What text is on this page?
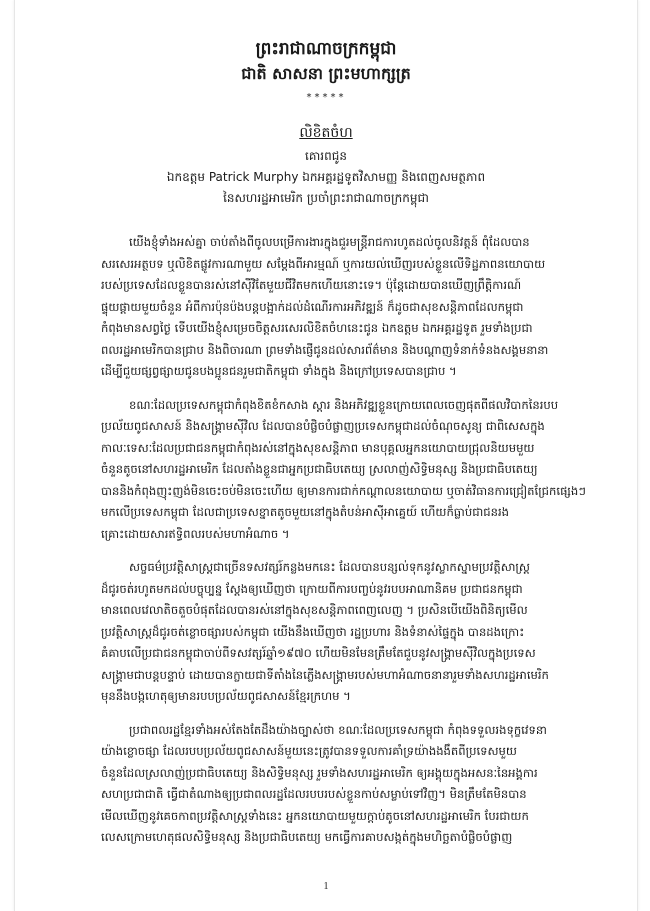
ព្រះរាជាណាចក្រកម្ពុជា
ជាតិ សាសនា ព្រះមហាក្សត្រ
*****
លិខិតចំហ
គោរពជូន
ឯកឧត្តម Patrick Murphy ឯកអគ្គរដ្ឋទូតវិសាមញ្ញ និងពេញសមត្ថភាព
នៃសហរដ្ឋអាមេរិក ប្រចាំព្រះរាជាណាចក្រកម្ពុជា

យើងខ្ញុំទាំងអស់គ្នា ចាប់តាំងពីចូលបម្រើការងារក្នុងជួរមន្ត្រីរាជការហូតដល់ចូលនិវត្តន៍ ពុំដែលបាន
សរសេរអត្ថបទ ឬលិខិតផ្លូវការណាមួយ សម្ដែងពីអារម្មណ៍ ឬការយល់ឃើញរបស់ខ្លួនលើទិដ្ឋភាពនយោបាយ
របស់ប្រទេសដែលខ្លួនបានរស់នៅស៊ីវិតែមួយជីវិតមកហើយនោះទេ។ ប៉ុន្តែដោយបានឃើញព្រឹត្តិការណ៍
ផ្ទុយផ្តាយមួយចំនួន អំពីការប៉ុនប៉ងបន្តបង្អាក់ដល់ដំណើរការអភិវឌ្ឍន៍ ក៏ដូចជាសុខសន្តិភាពដែលកម្ពុជា
កំពុងមានសព្វថ្ងៃ ទើបយើងខ្ញុំសម្រេចចិត្តសរសេរលិខិតចំហនេះជូន ឯកឧត្តម ឯកអគ្គរដ្ឋទូត រួមទាំងប្រជា
ពលរដ្ឋអាមេរិកបានជ្រាប និងពិចារណា ព្រមទាំងផ្ញើជូនដល់សារព័ត៌មាន និងបណ្ដាញទំនាក់ទំនងសង្គមនានា
ដើម្បីជួយផ្សព្វផ្សាយជូនបងប្អូនជនរួមជាតិកម្ពុជា ទាំងក្នុង និងក្រៅប្រទេសបានជ្រាប ។

ខណៈដែលប្រទេសកម្ពុជាកំពុងខិតខំកសាង ស្តារ និងអភិវឌ្ឍខ្លួនក្រោយពេលចេញផុតពីផលវិបាកនៃរបប
ប្រល័យពូជសាសន៍ និងសង្គ្រាមស៊ីវិល ដែលបានបំផ្លិចបំផ្លាញប្រទេសកម្ពុជាដល់ចំណុចសូន្យ ជាពិសេសក្នុង
កាលៈទេសៈដែលប្រជាជនកម្ពុជាកំពុងរស់នៅក្នុងសុខសន្តិភាព មានបុគ្គលអ្នកនយោបាយជ្រុលនិយមមួយ
ចំនួនតូចនៅសហរដ្ឋអាមេរិក ដែលតាំងខ្លួនជាអ្នកប្រជាធិបតេយ្យ ស្រលាញ់សិទ្ធិមនុស្ស និងប្រជាធិបតេយ្យ
បាននិងកំពុងញុះញង់មិនចេះចប់មិនចេះហើយ ឲ្យមានការជាក់កណ្ដាលនយោបាយ ឬចាត់វិធានការជ្រៀតជ្រែកផ្សេងៗ
មកលើប្រទេសកម្ពុជា ដែលជាប្រទេសខ្នាតតូចមួយនៅក្នុងតំបន់អាស៊ីអាគ្នេយ៍ ហើយក៏ធ្លាប់ជាជនរង
គ្រោះដោយសារឥទ្ធិពលរបស់មហាអំណាច ។

សច្ចធម៌ប្រវត្តិសាស្ត្រជាច្រើនទសវត្សរ៍កន្លងមកនេះ ដែលបានបន្សល់ទុកនូវស្លាកស្នាមប្រវត្តិសាស្ត្រ
ដ៏ជូរចត់រហូតមកដល់បច្ចុប្បន្ន ស្ដែងឲ្យឃើញថា ក្រោយពីការបញ្ចប់នូវរបបអាណានិគម ប្រជាជនកម្ពុជា
មានពេលវេលាតិចតួចបំផុតដែលបានរស់នៅក្នុងសុខសន្តិភាពពេញលេញ ។ ប្រសិនបើយើងពិនិត្យមើល
ប្រវត្តិសាស្ត្រដ៏ជូរចត់ខ្លោចផ្សារបស់កម្ពុជា យើងនឹងឃើញថា រដ្ឋប្រហារ និងទំនាស់ផ្ទៃក្នុង បានដងក្រោះ
គំគាបលើប្រជាជនកម្ពុជាចាប់ពីទសវត្សរ៍ឆ្នាំ១៩៧០ ហើយមិនមែនត្រឹមតែជួបនូវសង្គ្រាមស៊ីវិលក្នុងប្រទេស
សង្គ្រាមជាបន្តបន្ទាប់ ដោយបានក្លាយជាទីតាំងនៃភ្លើងសង្គ្រាមរបស់មហាអំណាចនានារួមទាំងសហរដ្ឋអាមេរិក
មុននឹងបង្កហេតុឲ្យមានរបបប្រល័យពូជសាសន៍ខ្មែរក្រហម ។

ប្រជាពលរដ្ឋខ្មែរទាំងអស់តែងតែដឹងយ៉ាងច្បាស់ថា ខណៈដែលប្រទេសកម្ពុជា កំពុងទទួលរងទុក្ខវេទនា
យ៉ាងខ្លោចផ្សា ដែលរបបប្រល័យពូជសាសន៍មួយនេះត្រូវបានទទួលការគាំទ្រយ៉ាងងងឹតពីប្រទេសមួយ
ចំនួនដែលស្រលាញ់ប្រជាធិបតេយ្យ និងសិទ្ធិមនុស្ស រួមទាំងសហរដ្ឋអាមេរិក ឲ្យអង្គុយក្នុងអសនៈនៃអង្គការ
សហប្រជាជាតិ ធ្វើជាតំណាងឲ្យប្រជាពលរដ្ឋដែលរបបរបស់ខ្លួនកាប់សម្លាប់ទៅវិញ។ មិនត្រឹមតែមិនបាន
មើលឃើញនូវគេចកាពប្រវត្តិសាស្ត្រទាំងនេះ អ្នកនយោបាយមួយក្ដាប់តូចនៅសហរដ្ឋអាមេរិក បែរជាយក
លេសក្រោមហេតុផលសិទ្ធិមនុស្ស និងប្រជាធិបតេយ្យ មកធ្វើការគាបសង្កត់ក្នុងមហិច្ឆតាបំផ្លិចបំផ្លាញ

1
